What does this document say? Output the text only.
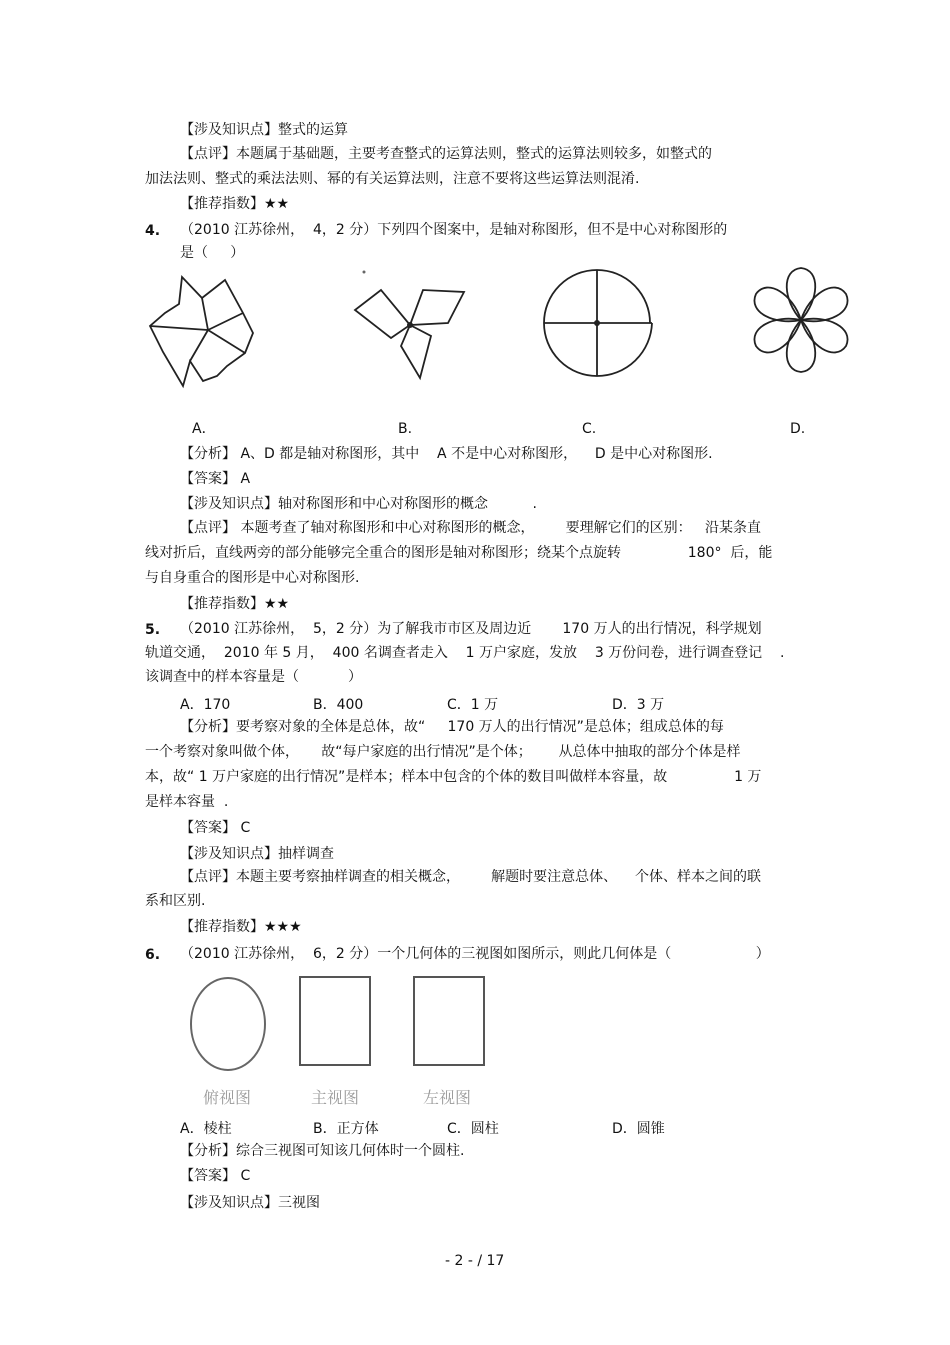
【涉及知识点】整式的运算
【点评】本题属于基础题，主要考查整式的运算法则，整式的运算法则较多，如整式的
加法法则、整式的乘法法则、幂的有关运算法则，注意不要将这些运算法则混淆.
【推荐指数】★★
4. （2010 江苏徐州，  4，2 分）下列四个图案中，是轴对称图形，但不是中心对称图形的
是（     ）
A．	B.	C.	D.
【分析】 A、D 都是轴对称图形，其中    A 不是中心对称图形，    D 是中心对称图形.
【答案】 A
【涉及知识点】轴对称图形和中心对称图形的概念          .
【点评】 本题考查了轴对称图形和中心对称图形的概念，       要理解它们的区别：   沿某条直
线对折后，直线两旁的部分能够完全重合的图形是轴对称图形；绕某个点旋转               180°  后，能
与自身重合的图形是中心对称图形.
【推荐指数】★★
5. （2010 江苏徐州，  5，2 分）为了解我市市区及周边近       170 万人的出行情况，科学规划
轨道交通，  2010 年 5 月，  400 名调查者走入    1 万户家庭，发放    3 万份问卷，进行调查登记    .
该调查中的样本容量是（           ）
A．170	B．400	C．1 万	D．3 万
【分析】要考察对象的全体是总体，故“     170 万人的出行情况”是总体；组成总体的每
一个考察对象叫做个体，     故“每户家庭的出行情况”是个体；      从总体中抽取的部分个体是样
本，故“ 1 万户家庭的出行情况”是样本；样本中包含的个体的数目叫做样本容量，故               1 万
是样本容量  .
【答案】 C
【涉及知识点】抽样调查
【点评】本题主要考察抽样调查的相关概念，       解题时要注意总体、    个体、样本之间的联
系和区别.
【推荐指数】★★★
6. （2010 江苏徐州，  6，2 分）一个几何体的三视图如图所示，则此几何体是（                   ）
俯视图	主视图	左视图
A．棱柱	B．正方体	C．圆柱	D．圆锥
【分析】综合三视图可知该几何体时一个圆柱.
【答案】 C
【涉及知识点】三视图
- 2 - / 17
